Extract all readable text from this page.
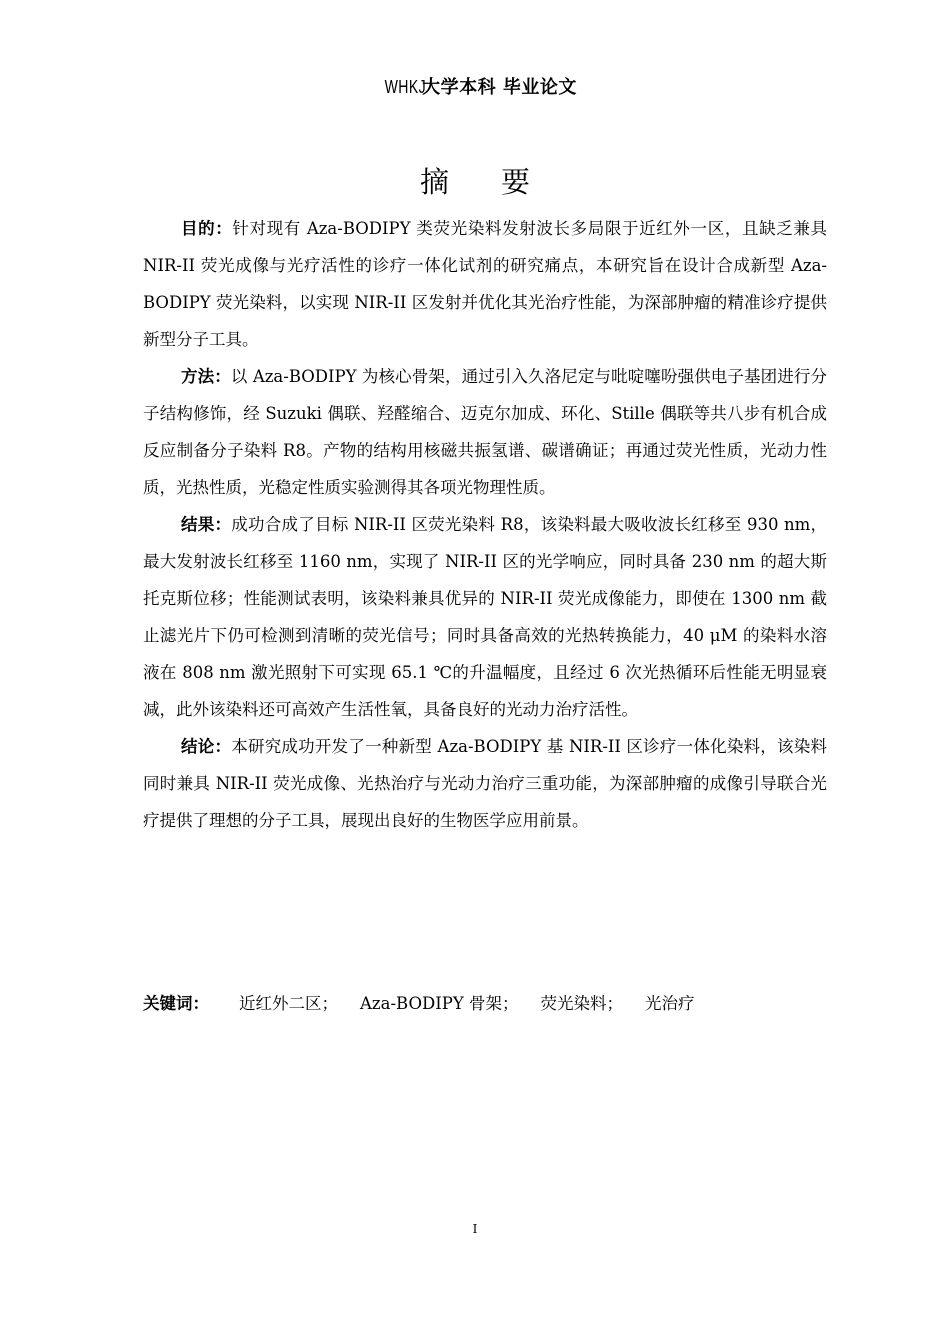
WHKJ大学本科 毕业论文
摘要

目的：针对现有 Aza-BODIPY 类荧光染料发射波长多局限于近红外一区，且缺乏兼具 NIR-II 荧光成像与光疗活性的诊疗一体化试剂的研究痛点，本研究旨在设计合成新型 Aza-BODIPY 荧光染料，以实现 NIR-II 区发射并优化其光治疗性能，为深部肿瘤的精准诊疗提供新型分子工具。

方法：以 Aza-BODIPY 为核心骨架，通过引入久洛尼定与吡啶噻吩强供电子基团进行分子结构修饰，经 Suzuki 偶联、羟醛缩合、迈克尔加成、环化、Stille 偶联等共八步有机合成反应制备分子染料 R8。产物的结构用核磁共振氢谱、碳谱确证；再通过荧光性质，光动力性质，光热性质，光稳定性质实验测得其各项光物理性质。

结果：成功合成了目标 NIR-II 区荧光染料 R8，该染料最大吸收波长红移至 930 nm，最大发射波长红移至 1160 nm，实现了 NIR-II 区的光学响应，同时具备 230 nm 的超大斯托克斯位移；性能测试表明，该染料兼具优异的 NIR-II 荧光成像能力，即使在 1300 nm 截止滤光片下仍可检测到清晰的荧光信号；同时具备高效的光热转换能力，40 μM 的染料水溶液在 808 nm 激光照射下可实现 65.1 ℃的升温幅度，且经过 6 次光热循环后性能无明显衰减，此外该染料还可高效产生活性氧，具备良好的光动力治疗活性。

结论：本研究成功开发了一种新型 Aza-BODIPY 基 NIR-II 区诊疗一体化染料，该染料同时兼具 NIR-II 荧光成像、光热治疗与光动力治疗三重功能，为深部肿瘤的成像引导联合光疗提供了理想的分子工具，展现出良好的生物医学应用前景。

关键词： 近红外二区； Aza-BODIPY 骨架； 荧光染料； 光治疗
I
